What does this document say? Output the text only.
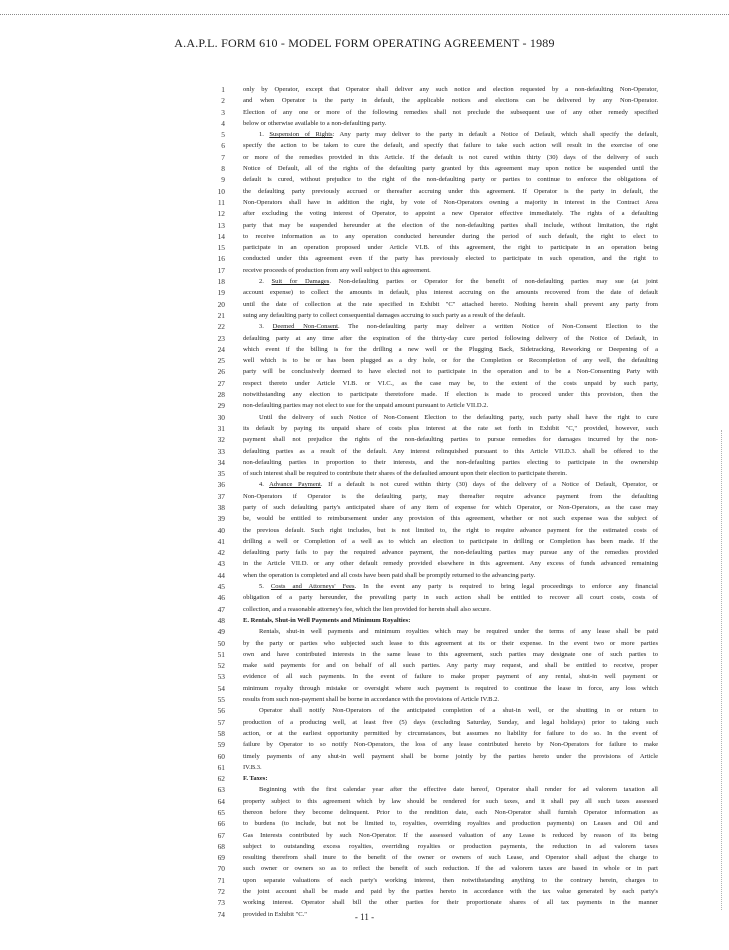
A.A.P.L. FORM 610 - MODEL FORM OPERATING AGREEMENT - 1989
1	only by Operator, except that Operator shall deliver any such notice and election requested by a non-defaulting Non-Operator,
2	and when Operator is the party in default, the applicable notices and elections can be delivered by any Non-Operator.
3	Election of any one or more of the following remedies shall not preclude the subsequent use of any other remedy specified
4	below or otherwise available to a non-defaulting party.
5	1. Suspension of Rights: Any party may deliver to the party in default a Notice of Default, which shall specify the default,
6	specify the action to be taken to cure the default, and specify that failure to take such action will result in the exercise of one
7	or more of the remedies provided in this Article. If the default is not cured within thirty (30) days of the delivery of such
8	Notice of Default, all of the rights of the defaulting party granted by this agreement may upon notice be suspended until the
9	default is cured, without prejudice to the right of the non-defaulting party or parties to continue to enforce the obligations of
10	the defaulting party previously accrued or thereafter accruing under this agreement. If Operator is the party in default, the
11	Non-Operators shall have in addition the right, by vote of Non-Operators owning a majority in interest in the Contract Area
12	after excluding the voting interest of Operator, to appoint a new Operator effective immediately. The rights of a defaulting
13	party that may be suspended hereunder at the election of the non-defaulting parties shall include, without limitation, the right
14	to receive information as to any operation conducted hereunder during the period of such default, the right to elect to
15	participate in an operation proposed under Article VI.B. of this agreement, the right to participate in an operation being
16	conducted under this agreement even if the party has previously elected to participate in such operation, and the right to
17	receive proceeds of production from any well subject to this agreement.
18	2. Suit for Damages. Non-defaulting parties or Operator for the benefit of non-defaulting parties may sue (at joint
19	account expense) to collect the amounts in default, plus interest accruing on the amounts recovered from the date of default
20	until the date of collection at the rate specified in Exhibit "C" attached hereto. Nothing herein shall prevent any party from
21	suing any defaulting party to collect consequential damages accruing to such party as a result of the default.
22	3. Deemed Non-Consent. The non-defaulting party may deliver a written Notice of Non-Consent Election to the
23	defaulting party at any time after the expiration of the thirty-day cure period following delivery of the Notice of Default, in
24	which event if the billing is for the drilling a new well or the Plugging Back, Sidetracking, Reworking or Deepening of a
25	well which is to be or has been plugged as a dry hole, or for the Completion or Recompletion of any well, the defaulting
26	party will be conclusively deemed to have elected not to participate in the operation and to be a Non-Consenting Party with
27	respect thereto under Article VI.B. or VI.C., as the case may be, to the extent of the costs unpaid by such party,
28	notwithstanding any election to participate theretofore made. If election is made to proceed under this provision, then the
29	non-defaulting parties may not elect to sue for the unpaid amount pursuant to Article VII.D.2.
30	Until the delivery of such Notice of Non-Consent Election to the defaulting party, such party shall have the right to cure
31	its default by paying its unpaid share of costs plus interest at the rate set forth in Exhibit "C," provided, however, such
32	payment shall not prejudice the rights of the non-defaulting parties to pursue remedies for damages incurred by the non-
33	defaulting parties as a result of the default. Any interest relinquished pursuant to this Article VII.D.3. shall be offered to the
34	non-defaulting parties in proportion to their interests, and the non-defaulting parties electing to participate in the ownership
35	of such interest shall be required to contribute their shares of the defaulted amount upon their election to participate therein.
36	4. Advance Payment. If a default is not cured within thirty (30) days of the delivery of a Notice of Default, Operator, or
37	Non-Operators if Operator is the defaulting party, may thereafter require advance payment from the defaulting
38	party of such defaulting party's anticipated share of any item of expense for which Operator, or Non-Operators, as the case may
39	be, would be entitled to reimbursement under any provision of this agreement, whether or not such expense was the subject of
40	the previous default. Such right includes, but is not limited to, the right to require advance payment for the estimated costs of
41	drilling a well or Completion of a well as to which an election to participate in drilling or Completion has been made. If the
42	defaulting party fails to pay the required advance payment, the non-defaulting parties may pursue any of the remedies provided
43	in the Article VII.D. or any other default remedy provided elsewhere in this agreement. Any excess of funds advanced remaining
44	when the operation is completed and all costs have been paid shall be promptly returned to the advancing party.
45	5. Costs and Attorneys' Fees. In the event any party is required to bring legal proceedings to enforce any financial
46	obligation of a party hereunder, the prevailing party in such action shall be entitled to recover all court costs, costs of
47	collection, and a reasonable attorney's fee, which the lien provided for herein shall also secure.
48	E. Rentals, Shut-in Well Payments and Minimum Royalties:
49	Rentals, shut-in well payments and minimum royalties which may be required under the terms of any lease shall be paid
50	by the party or parties who subjected such lease to this agreement at its or their expense. In the event two or more parties
51	own and have contributed interests in the same lease to this agreement, such parties may designate one of such parties to
52	make said payments for and on behalf of all such parties. Any party may request, and shall be entitled to receive, proper
53	evidence of all such payments. In the event of failure to make proper payment of any rental, shut-in well payment or
54	minimum royalty through mistake or oversight where such payment is required to continue the lease in force, any loss which
55	results from such non-payment shall be borne in accordance with the provisions of Article IV.B.2.
56	Operator shall notify Non-Operators of the anticipated completion of a shut-in well, or the shutting in or return to
57	production of a producing well, at least five (5) days (excluding Saturday, Sunday, and legal holidays) prior to taking such
58	action, or at the earliest opportunity permitted by circumstances, but assumes no liability for failure to do so. In the event of
59	failure by Operator to so notify Non-Operators, the loss of any lease contributed hereto by Non-Operators for failure to make
60	timely payments of any shut-in well payment shall be borne jointly by the parties hereto under the provisions of Article
61	IV.B.3.
62	F. Taxes:
63	Beginning with the first calendar year after the effective date hereof, Operator shall render for ad valorem taxation all
64	property subject to this agreement which by law should be rendered for such taxes, and it shall pay all such taxes assessed
65	thereon before they become delinquent. Prior to the rendition date, each Non-Operator shall furnish Operator information as
66	to burdens (to include, but not be limited to, royalties, overriding royalties and production payments) on Leases and Oil and
67	Gas Interests contributed by such Non-Operator. If the assessed valuation of any Lease is reduced by reason of its being
68	subject to outstanding excess royalties, overriding royalties or production payments, the reduction in ad valorem taxes
69	resulting therefrom shall inure to the benefit of the owner or owners of such Lease, and Operator shall adjust the charge to
70	such owner or owners so as to reflect the benefit of such reduction. If the ad valorem taxes are based in whole or in part
71	upon separate valuations of each party's working interest, then notwithstanding anything to the contrary herein, charges to
72	the joint account shall be made and paid by the parties hereto in accordance with the tax value generated by each party's
73	working interest. Operator shall bill the other parties for their proportionate shares of all tax payments in the manner
74	provided in Exhibit "C."	- 11 -
